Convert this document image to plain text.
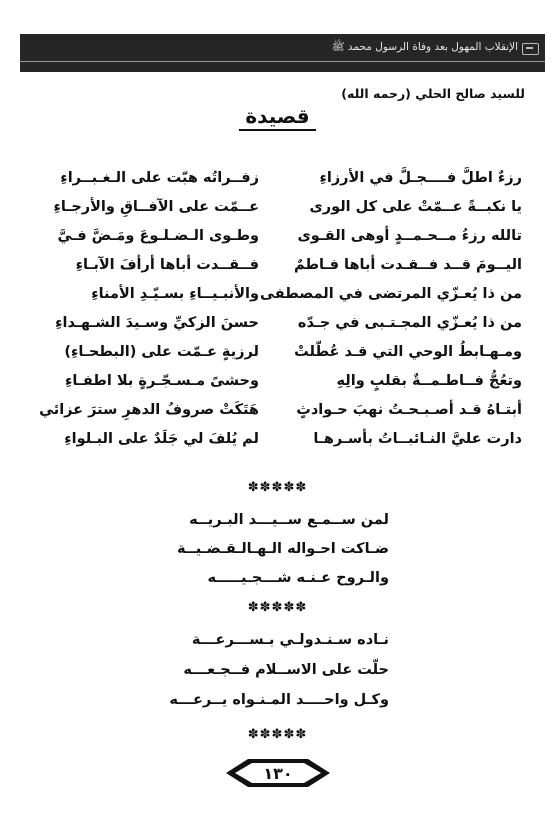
الإنقلاب المهول بعد وفاة الرسول محمد ﷺ
للسيد صالح الحلي (رحمه الله)
قصيدة
رزءٌ اطلَّ فــــجـلَّ في الأرزاءِ
زفــراتُه هبّت على الـغـبــراءِ
يا نكبــةً عــمّتْ على كل الورى
عــمّت على الآفــاقِ والأرجـاءِ
تالله رزءُ مــحـمــدٍ أوهى القـوى
وطـوى الـضـلـوعَ ومَـضَّ فـيَّ
اليــومَ قــد فــقـدت أباها فـاطمٌ
فــقــدت أباها أرأفَ الآبـاءِ
من ذا يُعـزّي المرتضى في المصطفى
والأنبـيــاءِ بسـيّـدِ الأمناءِ
من ذا يُعـزّي المجـتـبى في جـدّه
حسنَ الزكيِّ وسـيدَ الشـهـداءِ
ومـهـابطُ الوحي التي قـد عُطّلتْ
لرزيةٍ عـمّت على (البطحـاءِ)
وتعُجُّ فــاطـمــةٌ بقلبٍ والِهِ
وحشىً مـسـجّـرةٍ بلا اطفـاءِ
أبتـاهُ قـد أصـبـحـتُ نهبَ حـوادثٍ
هَتَكَتْ صروفُ الدهرِ سترَ عزائي
دارت عليَّ النـائبــاتُ بأسـرهـا
لم يُلفَ لي جَلَدٌ على البـلواءِ
✽✽✽✽✽
لمن ســمـع ســيـــد البـريــه
ضـاكت احـواله الـهـالـقـضـيــة
والـروح عـنـه شـــجـيـــــه
✽✽✽✽✽
نـاده سـنـدولـي بـســـرعـــة
حلّت على الاســلام فــجـعـــه
وكـل واحــــد المـنـواه يــرعـــه
✽✽✽✽✽
١٣٠
